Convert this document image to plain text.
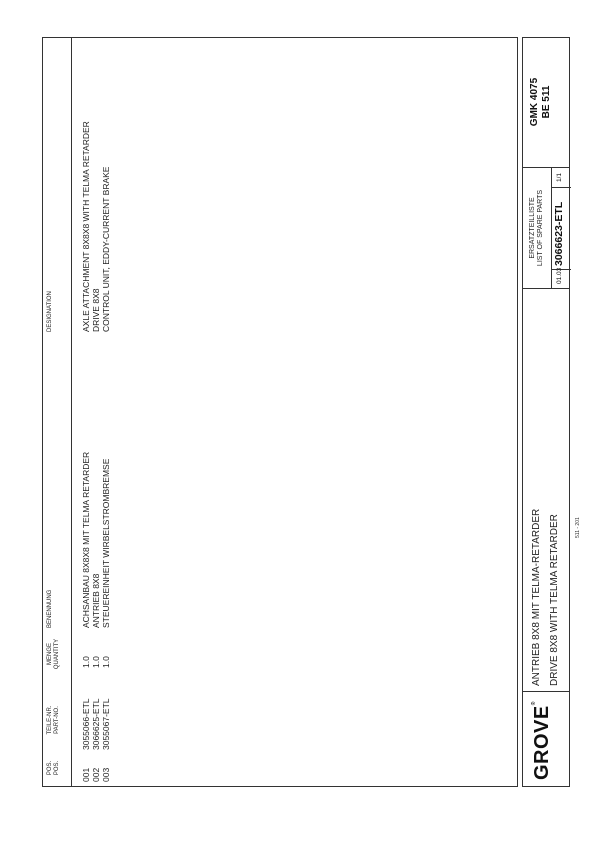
POS. POS.
TEILE-NR. PART-NO.
MENGE QUANTITY
BENENNUNG
DESIGNATION
001
3055066-ETL
1.0
ACHSANBAU 8X8X8 MIT TELMA RETARDER
AXLE ATTACHMENT 8X8X8 WITH TELMA RETARDER
002
3066625-ETL
1.0
ANTRIEB 8X8
DRIVE 8X8
003
3055067-ETL
1.0
STEUEREINHEIT WIRBELSTROMBREMSE
CONTROL UNIT, EDDY-CURRENT BRAKE
GROVE®
ANTRIEB 8X8 MIT TELMA-RETARDER DRIVE 8X8 WITH TELMA RETARDER
ERSATZTEILLISTE LIST OF SPARE PARTS
01.03
3066623-ETL
1/1
GMK 4075 BE 511
511 - 201
